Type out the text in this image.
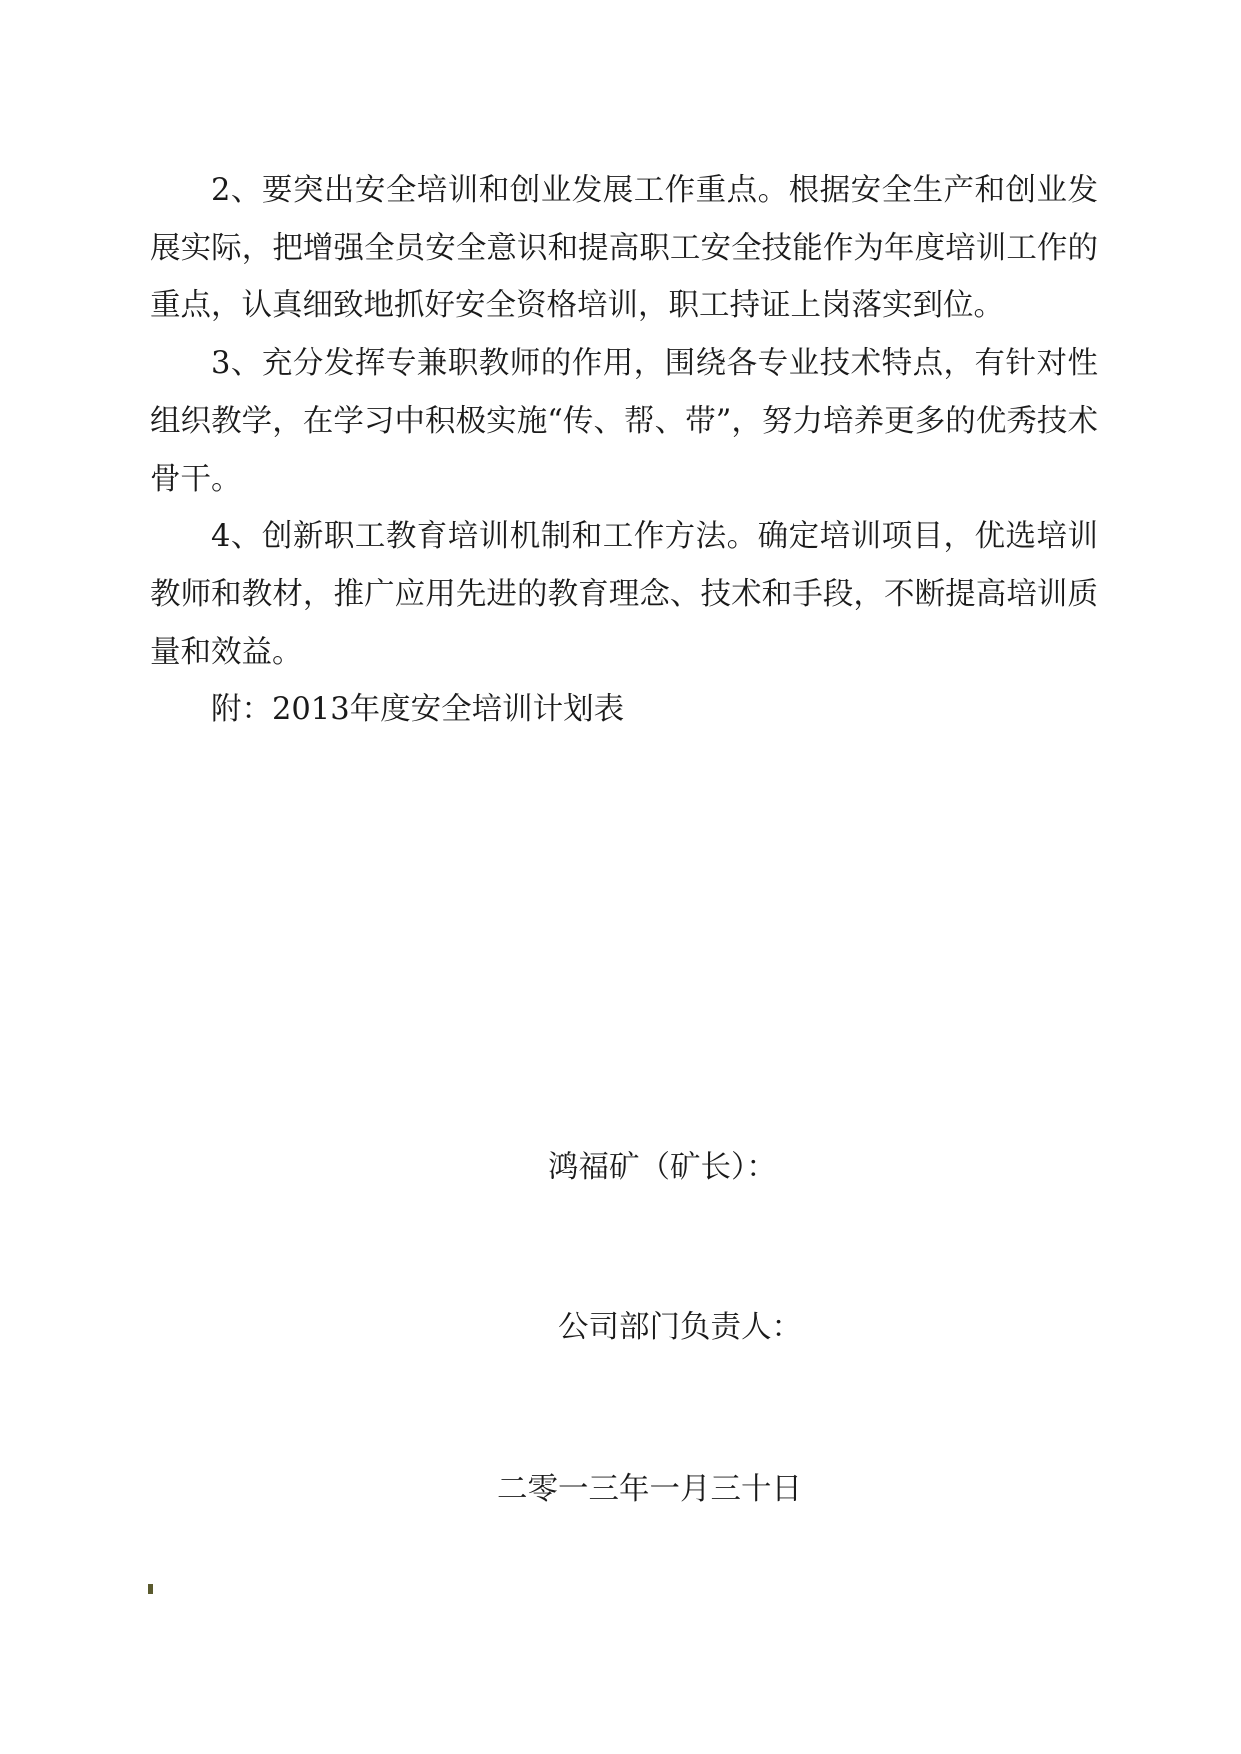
2、要突出安全培训和创业发展工作重点。根据安全生产和创业发展实际，把增强全员安全意识和提高职工安全技能作为年度培训工作的重点，认真细致地抓好安全资格培训，职工持证上岗落实到位。

3、充分发挥专兼职教师的作用，围绕各专业技术特点，有针对性组织教学，在学习中积极实施“传、帮、带”，努力培养更多的优秀技术骨干。

4、创新职工教育培训机制和工作方法。确定培训项目，优选培训教师和教材，推广应用先进的教育理念、技术和手段，不断提高培训质量和效益。

附：2013年度安全培训计划表

鸿福矿（矿长）：
公司部门负责人：
二零一三年一月三十日
